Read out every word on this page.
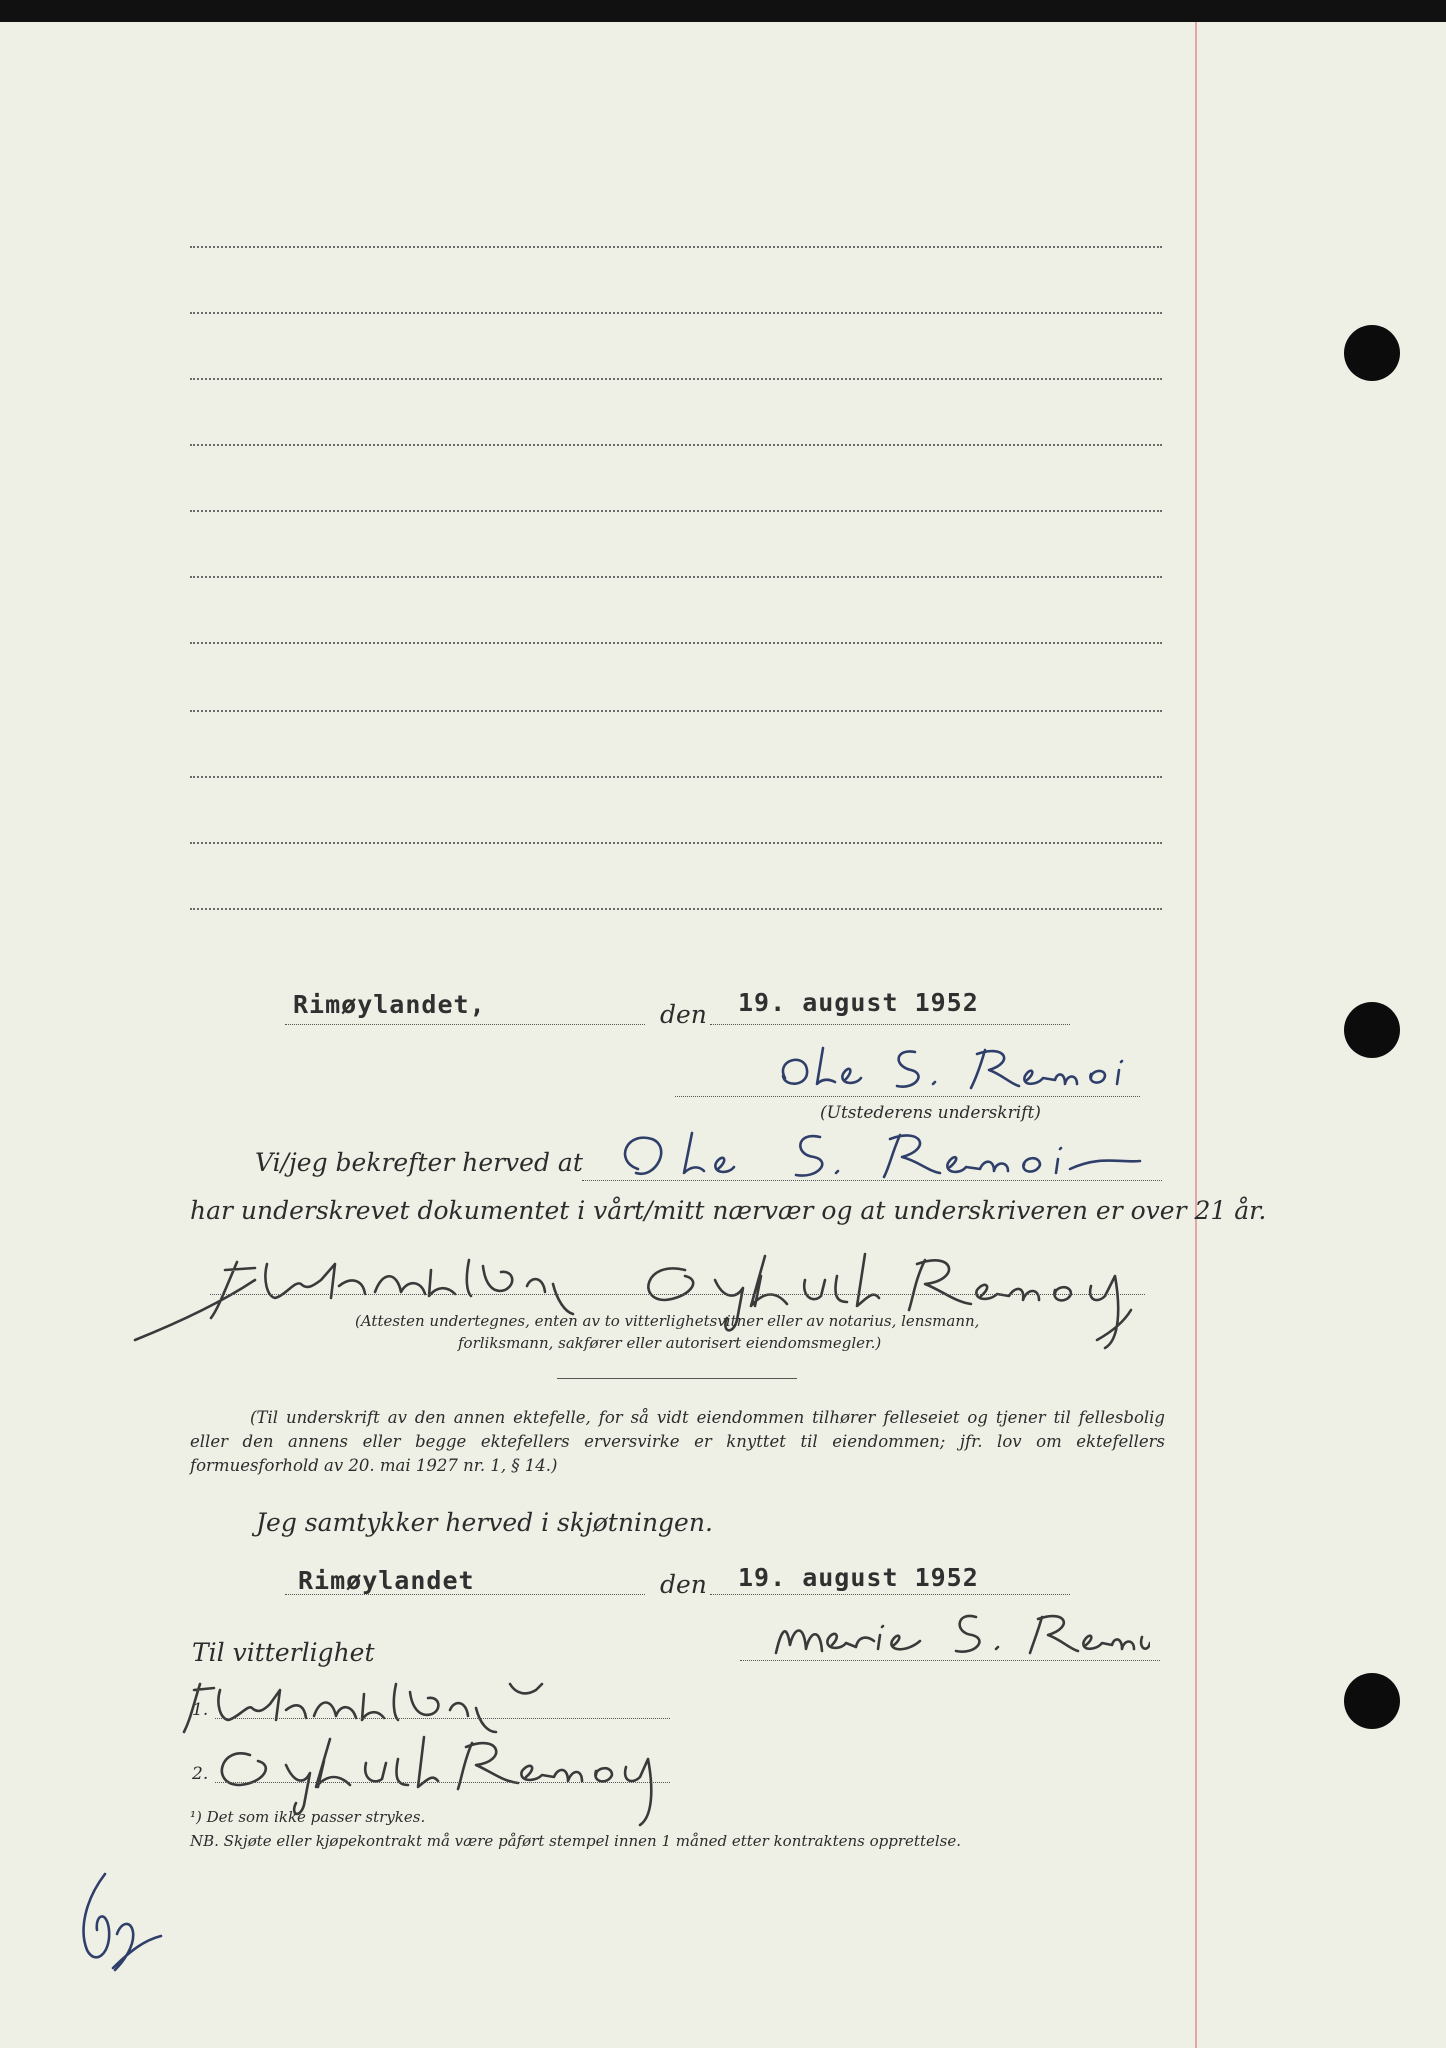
Rimøylandet,	den 19. august 1952
(Utstederens underskrift)
Vi/jeg bekrefter herved at
har underskrevet dokumentet i vårt/mitt nærvær og at underskriveren er over 21 år.
(Attesten undertegnes, enten av to vitterlighetsvitner eller av notarius, lensmann,
forliksmann, sakfører eller autorisert eiendomsmegler.)
(Til underskrift av den annen ektefelle, for så vidt eiendommen tilhører felleseiet og tjener til fellesbolig eller den annens eller begge ektefellers erversvirke er knyttet til eiendommen; jfr. lov om ektefellers formuesforhold av 20. mai 1927 nr. 1, § 14.)
Jeg samtykker herved i skjøtningen.
Rimøylandet	den 19. august 1952
Til vitterlighet
1.
2.
¹) Det som ikke passer strykes.
NB. Skjøte eller kjøpekontrakt må være påført stempel innen 1 måned etter kontraktens opprettelse.
